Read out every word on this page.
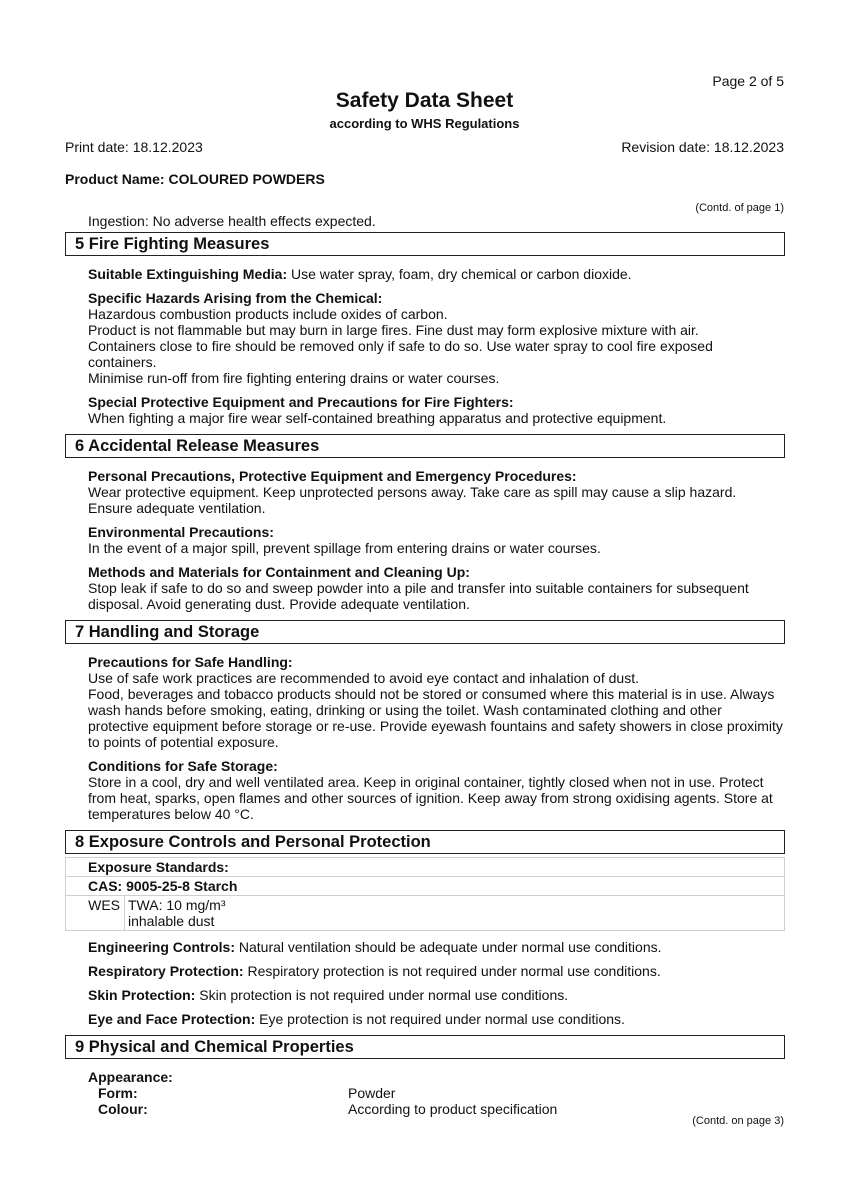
Page 2 of 5
Safety Data Sheet
according to WHS Regulations
Print date: 18.12.2023	Revision date: 18.12.2023
Product Name: COLOURED POWDERS
(Contd. of page 1)
Ingestion: No adverse health effects expected.
5 Fire Fighting Measures
Suitable Extinguishing Media: Use water spray, foam, dry chemical or carbon dioxide.
Specific Hazards Arising from the Chemical:
Hazardous combustion products include oxides of carbon.
Product is not flammable but may burn in large fires. Fine dust may form explosive mixture with air.
Containers close to fire should be removed only if safe to do so. Use water spray to cool fire exposed containers.
Minimise run-off from fire fighting entering drains or water courses.
Special Protective Equipment and Precautions for Fire Fighters:
When fighting a major fire wear self-contained breathing apparatus and protective equipment.
6 Accidental Release Measures
Personal Precautions, Protective Equipment and Emergency Procedures:
Wear protective equipment. Keep unprotected persons away. Take care as spill may cause a slip hazard. Ensure adequate ventilation.
Environmental Precautions:
In the event of a major spill, prevent spillage from entering drains or water courses.
Methods and Materials for Containment and Cleaning Up:
Stop leak if safe to do so and sweep powder into a pile and transfer into suitable containers for subsequent disposal. Avoid generating dust. Provide adequate ventilation.
7 Handling and Storage
Precautions for Safe Handling:
Use of safe work practices are recommended to avoid eye contact and inhalation of dust.
Food, beverages and tobacco products should not be stored or consumed where this material is in use. Always wash hands before smoking, eating, drinking or using the toilet. Wash contaminated clothing and other protective equipment before storage or re-use. Provide eyewash fountains and safety showers in close proximity to points of potential exposure.
Conditions for Safe Storage:
Store in a cool, dry and well ventilated area. Keep in original container, tightly closed when not in use. Protect from heat, sparks, open flames and other sources of ignition. Keep away from strong oxidising agents. Store at temperatures below 40 °C.
8 Exposure Controls and Personal Protection
Exposure Standards:
CAS: 9005-25-8 Starch
WES	TWA: 10 mg/m³
inhalable dust
Engineering Controls: Natural ventilation should be adequate under normal use conditions.
Respiratory Protection: Respiratory protection is not required under normal use conditions.
Skin Protection: Skin protection is not required under normal use conditions.
Eye and Face Protection: Eye protection is not required under normal use conditions.
9 Physical and Chemical Properties
Appearance:
Form:	Powder
Colour:	According to product specification
(Contd. on page 3)
